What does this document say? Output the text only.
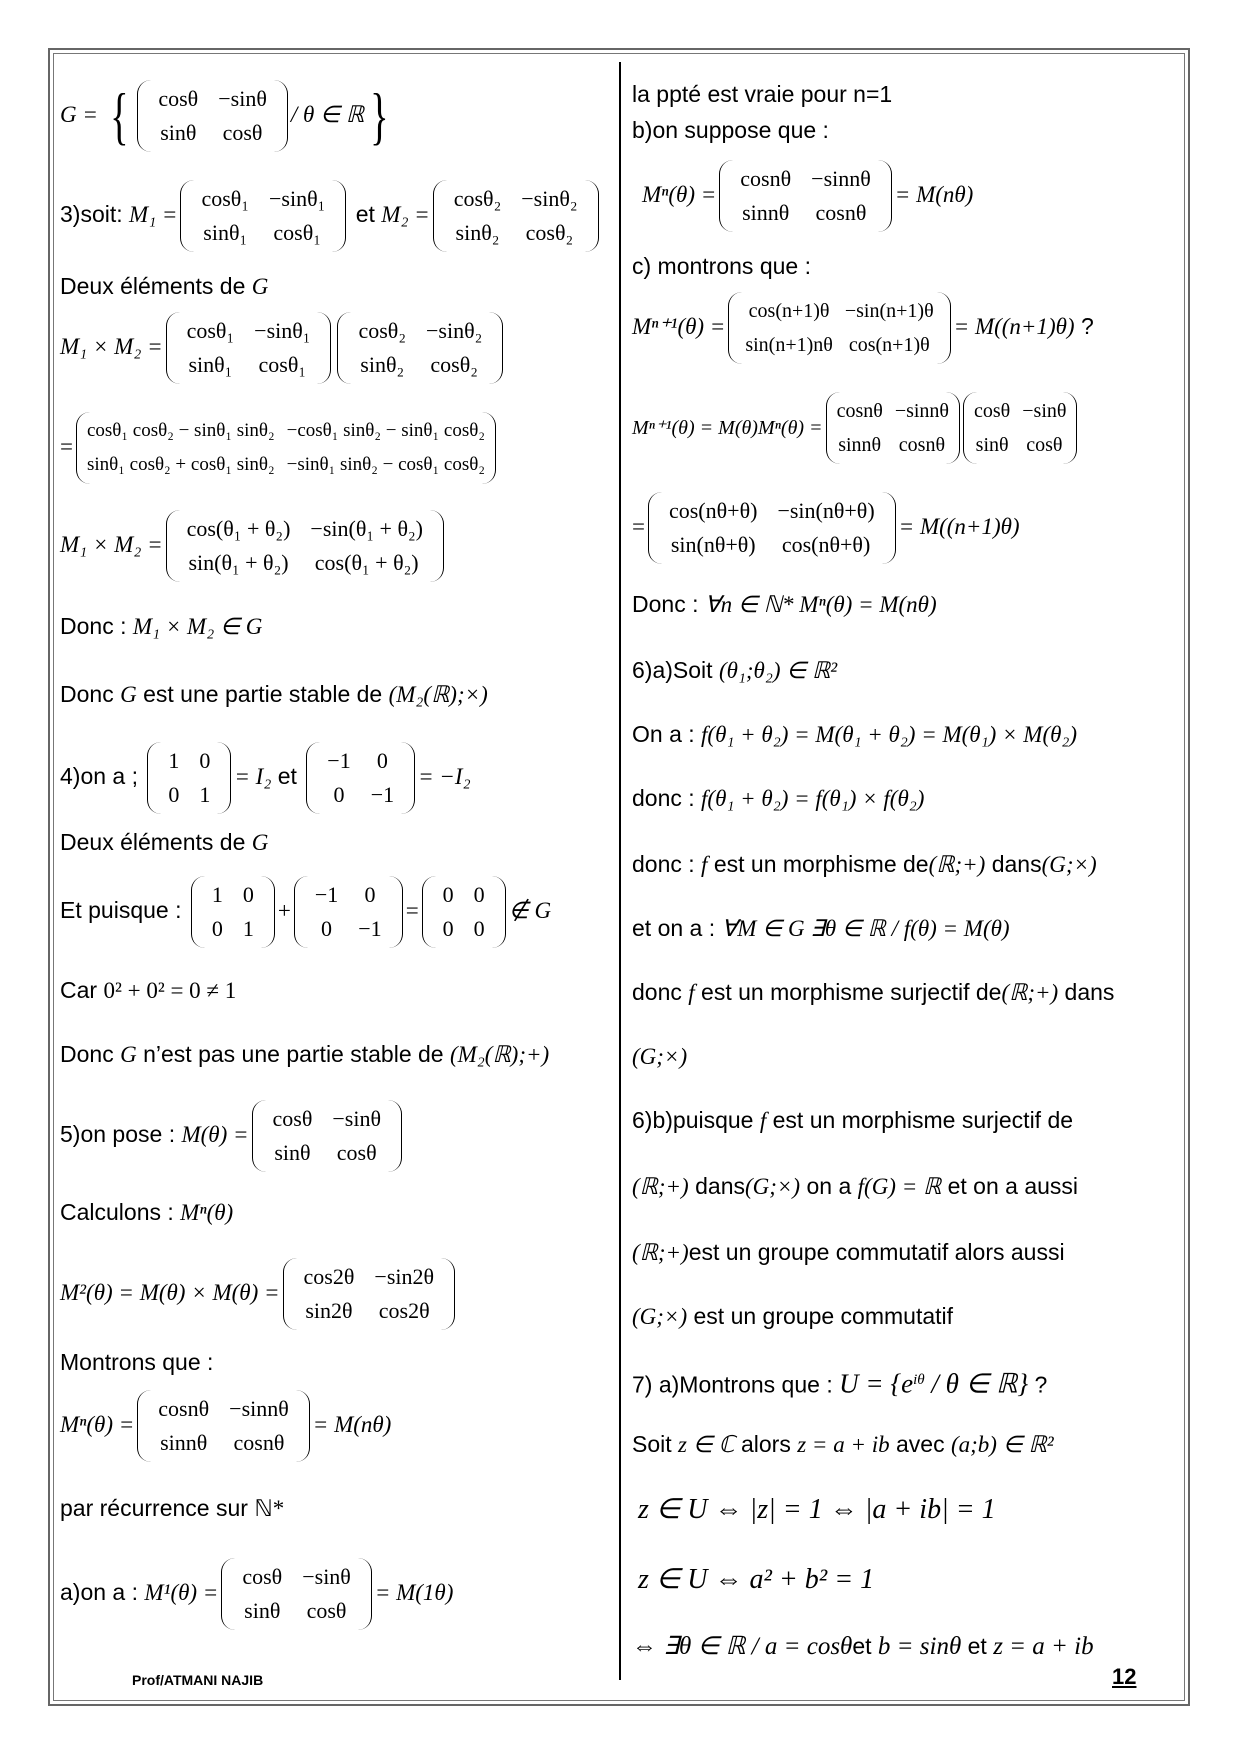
G = { cosθ	−sinθ
sinθ	cosθ
/ θ ∈ ℝ}
3)soit: M₁ =
cosθ₁	−sinθ₁
sinθ₁	cosθ₁
et M₂ =
cosθ₂	−sinθ₂
sinθ₂	cosθ₂
Deux éléments de G
M₁ × M₂ =
cosθ₁	−sinθ₁
sinθ₁	cosθ₁
cosθ₂	−sinθ₂
sinθ₂	cosθ₂
=
cosθ₁ cosθ₂ − sinθ₁ sinθ₂	−cosθ₁ sinθ₂ − sinθ₁ cosθ₂
sinθ₁ cosθ₂ + cosθ₁ sinθ₂	−sinθ₁ sinθ₂ − cosθ₁ cosθ₂
M₁ × M₂ =
cos(θ₁ + θ₂)	−sin(θ₁ + θ₂)
sin(θ₁ + θ₂)	cos(θ₁ + θ₂)
Donc : M₁ × M₂ ∈ G
Donc G est une partie stable de (M₂(ℝ);×)
4)on a ;
1	0
0	1
= I₂ et
−1	0
0	−1
= −I₂
Deux éléments de G
Et puisque :
1	0
0	1
+
−1	0
0	−1
=
0	0
0	0
∉ G
Car 0² + 0² = 0 ≠ 1
Donc G n’est pas une partie stable de (M₂(ℝ);+)
5)on pose : M(θ) =
cosθ	−sinθ
sinθ	cosθ
Calculons : Mⁿ(θ)
M²(θ) = M(θ) × M(θ) =
cos2θ	−sin2θ
sin2θ	cos2θ
Montrons que :
Mⁿ(θ) =
cosnθ	−sinnθ
sinnθ	cosnθ
= M(nθ)
par récurrence sur ℕ*
a)on a : M¹(θ) =
cosθ	−sinθ
sinθ	cosθ
= M(1θ)
la ppté est vraie pour n=1
b)on suppose que :
Mⁿ(θ) =
cosnθ	−sinnθ
sinnθ	cosnθ
= M(nθ)
c) montrons que :
Mⁿ⁺¹(θ) =
cos(n+1)θ	−sin(n+1)θ
sin(n+1)nθ	cos(n+1)θ
= M((n+1)θ) ?
Mⁿ⁺¹(θ) = M(θ)Mⁿ(θ) =
cosnθ	−sinnθ
sinnθ	cosnθ
cosθ	−sinθ
sinθ	cosθ
=
cos(nθ+θ)	−sin(nθ+θ)
sin(nθ+θ)	cos(nθ+θ)
= M((n+1)θ)
Donc : ∀n ∈ ℕ* Mⁿ(θ) = M(nθ)
6)a)Soit (θ₁;θ₂) ∈ ℝ²
On a : f(θ₁ + θ₂) = M(θ₁ + θ₂) = M(θ₁) × M(θ₂)
donc : f(θ₁ + θ₂) = f(θ₁) × f(θ₂)
donc : f est un morphisme de(ℝ;+) dans(G;×)
et on a : ∀M ∈ G ∃θ ∈ ℝ / f(θ) = M(θ)
donc f est un morphisme surjectif de(ℝ;+) dans
(G;×)
6)b)puisque f est un morphisme surjectif de
(ℝ;+) dans(G;×) on a f(G) = ℝ et on a aussi
(ℝ;+)est un groupe commutatif alors aussi
(G;×) est un groupe commutatif
7) a)Montrons que : $U = \{e^{i\theta} / \theta$ ∈ ℝ} ?
Soit z ∈ ℂ alors z = a + ib avec (a;b) ∈ ℝ²
z ∈ U ⇔ |z| = 1 ⇔ |a + ib| = 1
z ∈ U ⇔ a² + b² = 1
⇔ ∃θ ∈ ℝ / a = cosθet b = sinθ et z = a + ib
Prof/ATMANI NAJIB	12
